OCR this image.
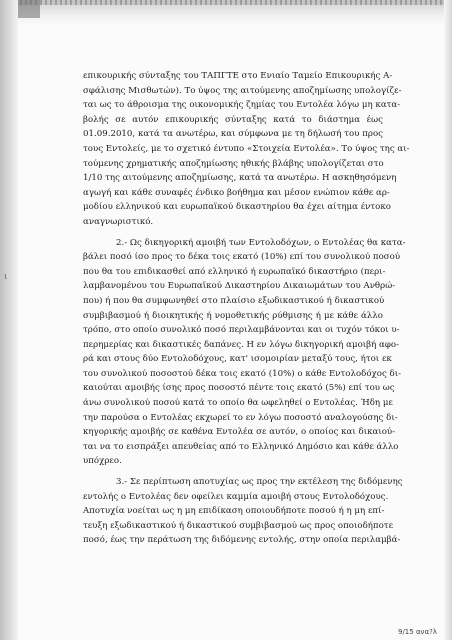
ι
επικουρικής σύνταξης του ΤΑΠΓΤΕ στο Ενιαίο Ταμείο Επικουρικής Α-
σφάλισης Μισθωτών). Το ύψος της αιτούμενης αποζημίωσης υπολογίζε-
ται ως το άθροισμα της οικονομικής ζημίας του Εντολέα λόγω μη κατα-
βολής σε αυτόν επικουρικής σύνταξης κατά το διάστημα έως
01.09.2010, κατά τα ανωτέρω, και σύμφωνα με τη δήλωσή του προς
τους Εντολείς, με το σχετικό έντυπο «Στοιχεία Εντολέα». Το ύψος της αι-
τούμενης χρηματικής αποζημίωσης ηθικής βλάβης υπολογίζεται στο
1/10 της αιτούμενης αποζημίωσης, κατά τα ανωτέρω. Η ασκηθησόμενη
αγωγή και κάθε συναφές ένδικο βοήθημα και μέσον ενώπιον κάθε αρ-
μοδίου ελληνικού και ευρωπαϊκού δικαστηρίου θα έχει αίτημα έντοκο
αναγνωριστικό.
2.- Ως δικηγορική αμοιβή των Εντολοδόχων, ο Εντολέας θα κατα-
βάλει ποσό ίσο προς το δέκα τοις εκατό (10%) επί του συνολικού ποσού
που θα του επιδικασθεί από ελληνικό ή ευρωπαϊκό δικαστήριο (περι-
λαμβανομένου του Ευρωπαϊκού Δικαστηρίου Δικαιωμάτων του Ανθρώ-
που) ή που θα συμφωνηθεί στο πλαίσιο εξωδικαστικού ή δικαστικού
συμβιβασμού ή διοικητικής ή νομοθετικής ρύθμισης ή με κάθε άλλο
τρόπο, στο οποίο συνολικό ποσό περιλαμβάνονται και οι τυχόν τόκοι υ-
περημερίας και δικαστικές δαπάνες. Η εν λόγω δικηγορική αμοιβή αφο-
ρά και στους δύο Εντολοδόχους, κατ' ισομοιρίαν μεταξύ τους, ήτοι εκ
του συνολικού ποσοστού δέκα τοις εκατό (10%) ο κάθε Εντολοδόχος δι-
καιούται αμοιβής ίσης προς ποσοστό πέντε τοις εκατό (5%) επί του ως
άνω συνολικού ποσού κατά το οποίο θα ωφεληθεί ο Εντολέας. Ήδη με
την παρούσα ο Εντολέας εκχωρεί το εν λόγω ποσοστό αναλογούσης δι-
κηγορικής αμοιβής σε καθένα Εντολέα σε αυτόν, ο οποίος και δικαιού-
ται να το εισπράξει απευθείας από το Ελληνικό Δημόσιο και κάθε άλλο
υπόχρεο.
3.- Σε περίπτωση αποτυχίας ως προς την εκτέλεση της διδόμενης
εντολής ο Εντολέας δεν οφείλει καμμία αμοιβή στους Εντολοδόχους.
Αποτυχία νοείται ως η μη επιδίκαση οποιουδήποτε ποσού ή η μη επί-
τευξη εξωδικαστικού ή δικαστικού συμβιβασμού ως προς οποιοδήποτε
ποσό, έως την περάτωση της διδόμενης εντολής, στην οποία περιλαμβά-
9/15 ανα?λ
